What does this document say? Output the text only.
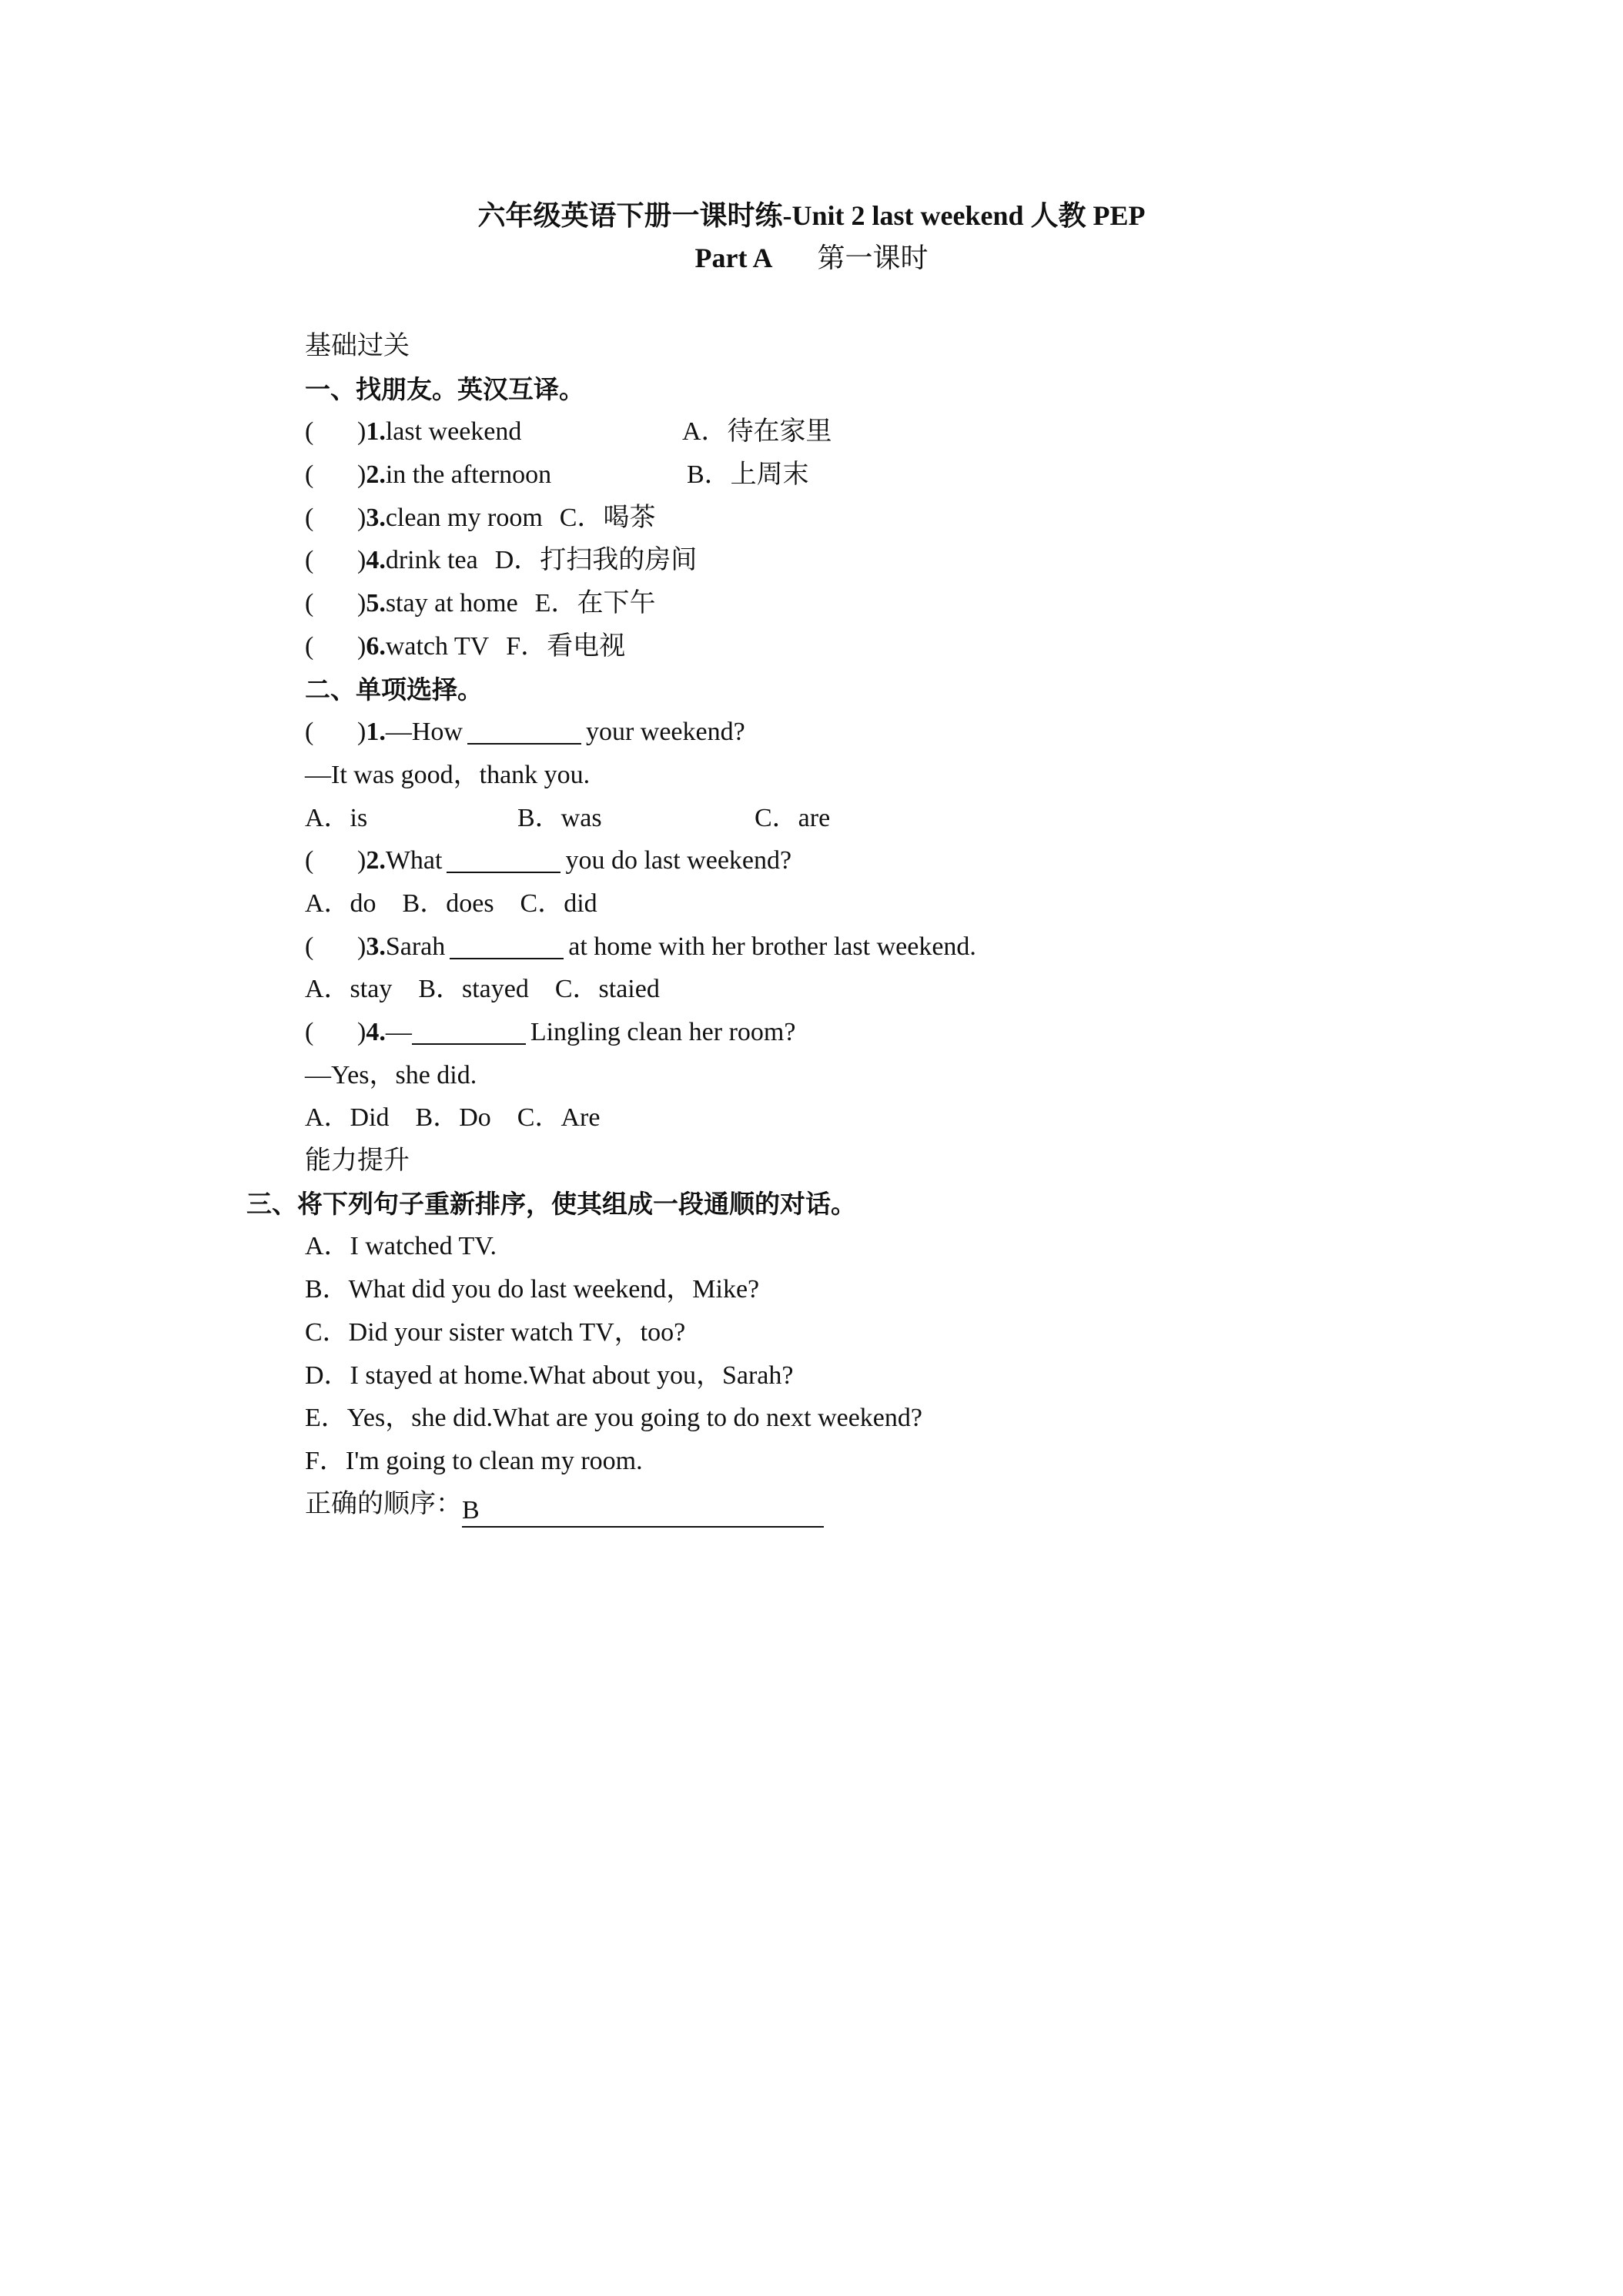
六年级英语下册一课时练-Unit 2 last weekend 人教 PEP
Part A 第一课时
基础过关
一、找朋友。英汉互译。
( )1.last weekend	A．待在家里
( )2.in the afternoon	B．上周末
( )3.clean my room C．喝茶
( )4.drink tea D．打扫我的房间
( )5.stay at home E．在下午
( )6.watch TV F．看电视
二、单项选择。
( )1.—How	your weekend?
—It was good，thank you.
A．is	B．was	C．are
( )2.What	you do last weekend?
A．do    B．does    C．did
( )3.Sarah	at home with her brother last weekend.
A．stay    B．stayed    C．staied
( )4.—	Lingling clean her room?
—Yes，she did.
A．Did    B．Do    C．Are
能力提升
三、将下列句子重新排序，使其组成一段通顺的对话。
A．I watched TV.
B．What did you do last weekend，Mike?
C．Did your sister watch TV，too?
D．I stayed at home.What about you，Sarah?
E．Yes，she did.What are you going to do next weekend?
F．I'm going to clean my room.
正确的顺序：B
